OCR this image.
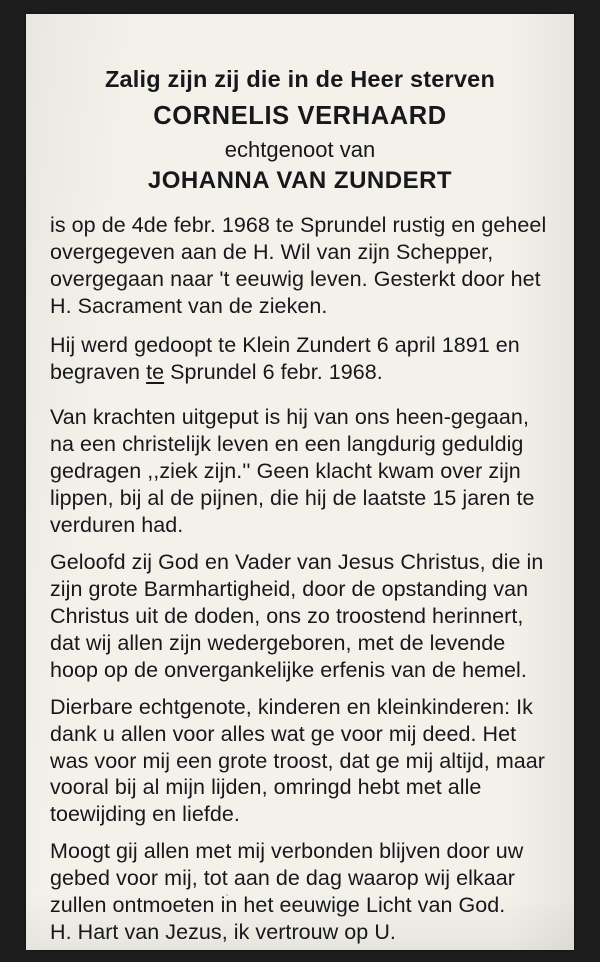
Zalig zijn zij die in de Heer sterven
CORNELIS VERHAARD
echtgenoot van
JOHANNA VAN ZUNDERT

is op de 4de febr. 1968 te Sprundel rustig en geheel overgegeven aan de H. Wil van zijn Schepper, overgegaan naar 't eeuwig leven. Gesterkt door het H. Sacrament van de zieken.

Hij werd gedoopt te Klein Zundert 6 april 1891 en begraven te Sprundel 6 febr. 1968.

Van krachten uitgeput is hij van ons heen-gegaan, na een christelijk leven en een langdurig geduldig gedragen ,,ziek zijn.'' Geen klacht kwam over zijn lippen, bij al de pijnen, die hij de laatste 15 jaren te verduren had.

Geloofd zij God en Vader van Jesus Christus, die in zijn grote Barmhartigheid, door de opstanding van Christus uit de doden, ons zo troostend herinnert, dat wij allen zijn wedergeboren, met de levende hoop op de onvergankelijke erfenis van de hemel.

Dierbare echtgenote, kinderen en kleinkinderen: Ik dank u allen voor alles wat ge voor mij deed. Het was voor mij een grote troost, dat ge mij altijd, maar vooral bij al mijn lijden, omringd hebt met alle toewijding en liefde.

Moogt gij allen met mij verbonden blijven door uw gebed voor mij, tot aan de dag waarop wij elkaar zullen ontmoeten in het eeuwige Licht van God.

H. Hart van Jezus, ik vertrouw op U.
